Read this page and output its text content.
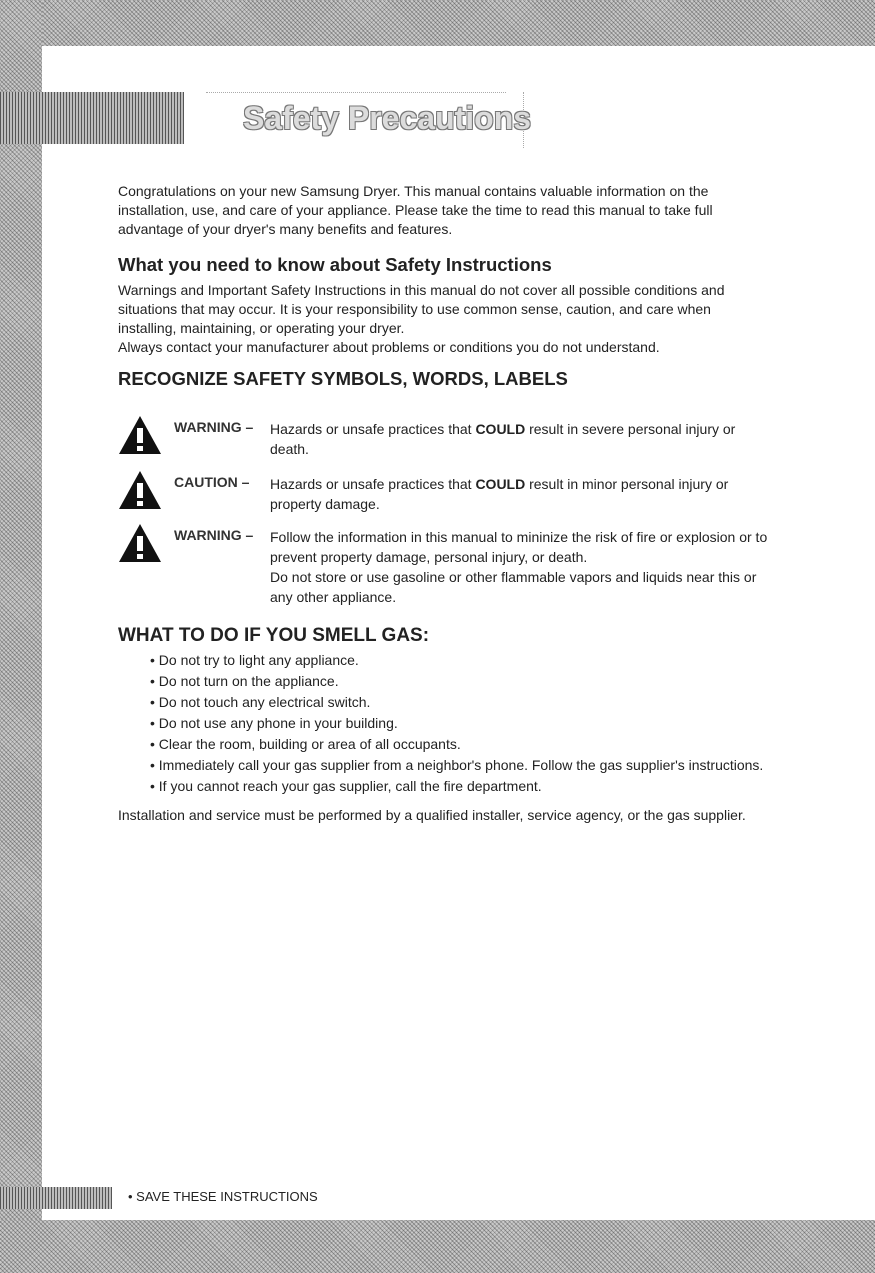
Safety Precautions

Congratulations on your new Samsung Dryer. This manual contains valuable information on the installation, use, and care of your appliance. Please take the time to read this manual to take full advantage of your dryer's many benefits and features.

What you need to know about Safety Instructions

Warnings and Important Safety Instructions in this manual do not cover all possible conditions and situations that may occur. It is your responsibility to use common sense, caution, and care when installing, maintaining, or operating your dryer.

Always contact your manufacturer about problems or conditions you do not understand.

RECOGNIZE SAFETY SYMBOLS, WORDS, LABELS
WARNING – Hazards or unsafe practices that COULD result in severe personal injury or death.

CAUTION – Hazards or unsafe practices that COULD result in minor personal injury or property damage.

WARNING – Follow the information in this manual to mininize the risk of fire or explosion or to prevent property damage, personal injury, or death.
Do not store or use gasoline or other flammable vapors and liquids near this or any other appliance.

WHAT TO DO IF YOU SMELL GAS:
• Do not try to light any appliance.
• Do not turn on the appliance.
• Do not touch any electrical switch.
• Do not use any phone in your building.
• Clear the room, building or area of all occupants.
• Immediately call your gas supplier from a neighbor's phone. Follow the gas supplier's instructions.
• If you cannot reach your gas supplier, call the fire department.

Installation and service must be performed by a qualified installer, service agency, or the gas supplier.

• SAVE THESE INSTRUCTIONS
